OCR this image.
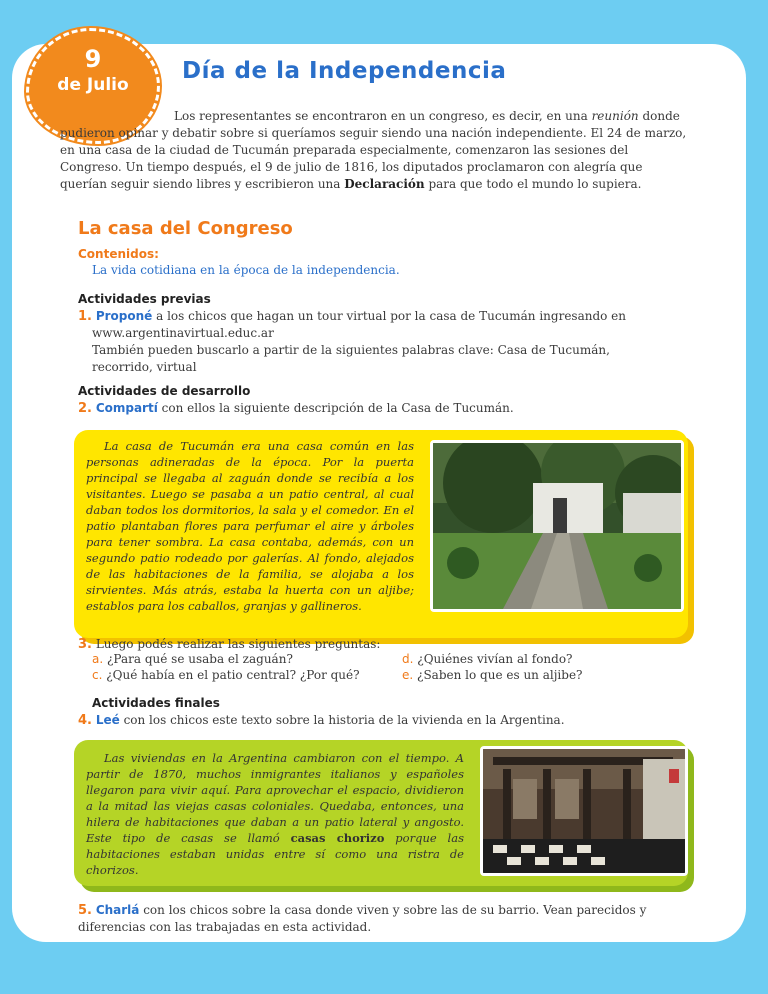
9
de Julio
Día de la Independencia

Los representantes se encontraron en un congreso, es decir, en una reunión donde pudieron opinar y debatir sobre si queríamos seguir siendo una nación independiente. El 24 de marzo, en una casa de la ciudad de Tucumán preparada especialmente, comenzaron las sesiones del Congreso. Un tiempo después, el 9 de julio de 1816, los diputados proclamaron con alegría que querían seguir siendo libres y escribieron una Declaración para que todo el mundo lo supiera.

La casa del Congreso
Contenidos:
La vida cotidiana en la época de la independencia.
Actividades previas
1. Proponé a los chicos que hagan un tour virtual por la casa de Tucumán ingresando en
www.argentinavirtual.educ.ar
También pueden buscarlo a partir de la siguientes palabras clave: Casa de Tucumán,
recorrido, virtual
Actividades de desarrollo
2. Compartí con ellos la siguiente descripción de la Casa de Tucumán.

La casa de Tucumán era una casa común en las personas adineradas de la época. Por la puerta principal se llegaba al zaguán donde se recibía a los visitantes. Luego se pasaba a un patio central, al cual daban todos los dormitorios, la sala y el comedor. En el patio plantaban flores para perfumar el aire y árboles para tener sombra. La casa contaba, además, con un segundo patio rodeado por galerías. Al fondo, alejados de las habitaciones de la familia, se alojaba a los sirvientes. Más atrás, estaba la huerta con un aljibe; establos para los caballos, granjas y gallineros.

3. Luego podés realizar las siguientes preguntas:
a. ¿Para qué se usaba el zaguán?
c. ¿Qué había en el patio central? ¿Por qué?
d. ¿Quiénes vivían al fondo?
e. ¿Saben lo que es un aljibe?
Actividades finales
4. Leé con los chicos este texto sobre la historia de la vivienda en la Argentina.

Las viviendas en la Argentina cambiaron con el tiempo. A partir de 1870, muchos inmigrantes italianos y españoles llegaron para vivir aquí. Para aprovechar el espacio, dividieron a la mitad las viejas casas coloniales. Quedaba, entonces, una hilera de habitaciones que daban a un patio lateral y angosto. Este tipo de casas se llamó casas chorizo porque las habitaciones estaban unidas entre sí como una ristra de chorizos.

5. Charlá con los chicos sobre la casa donde viven y sobre las de su barrio. Vean parecidos y diferencias con las trabajadas en esta actividad.
